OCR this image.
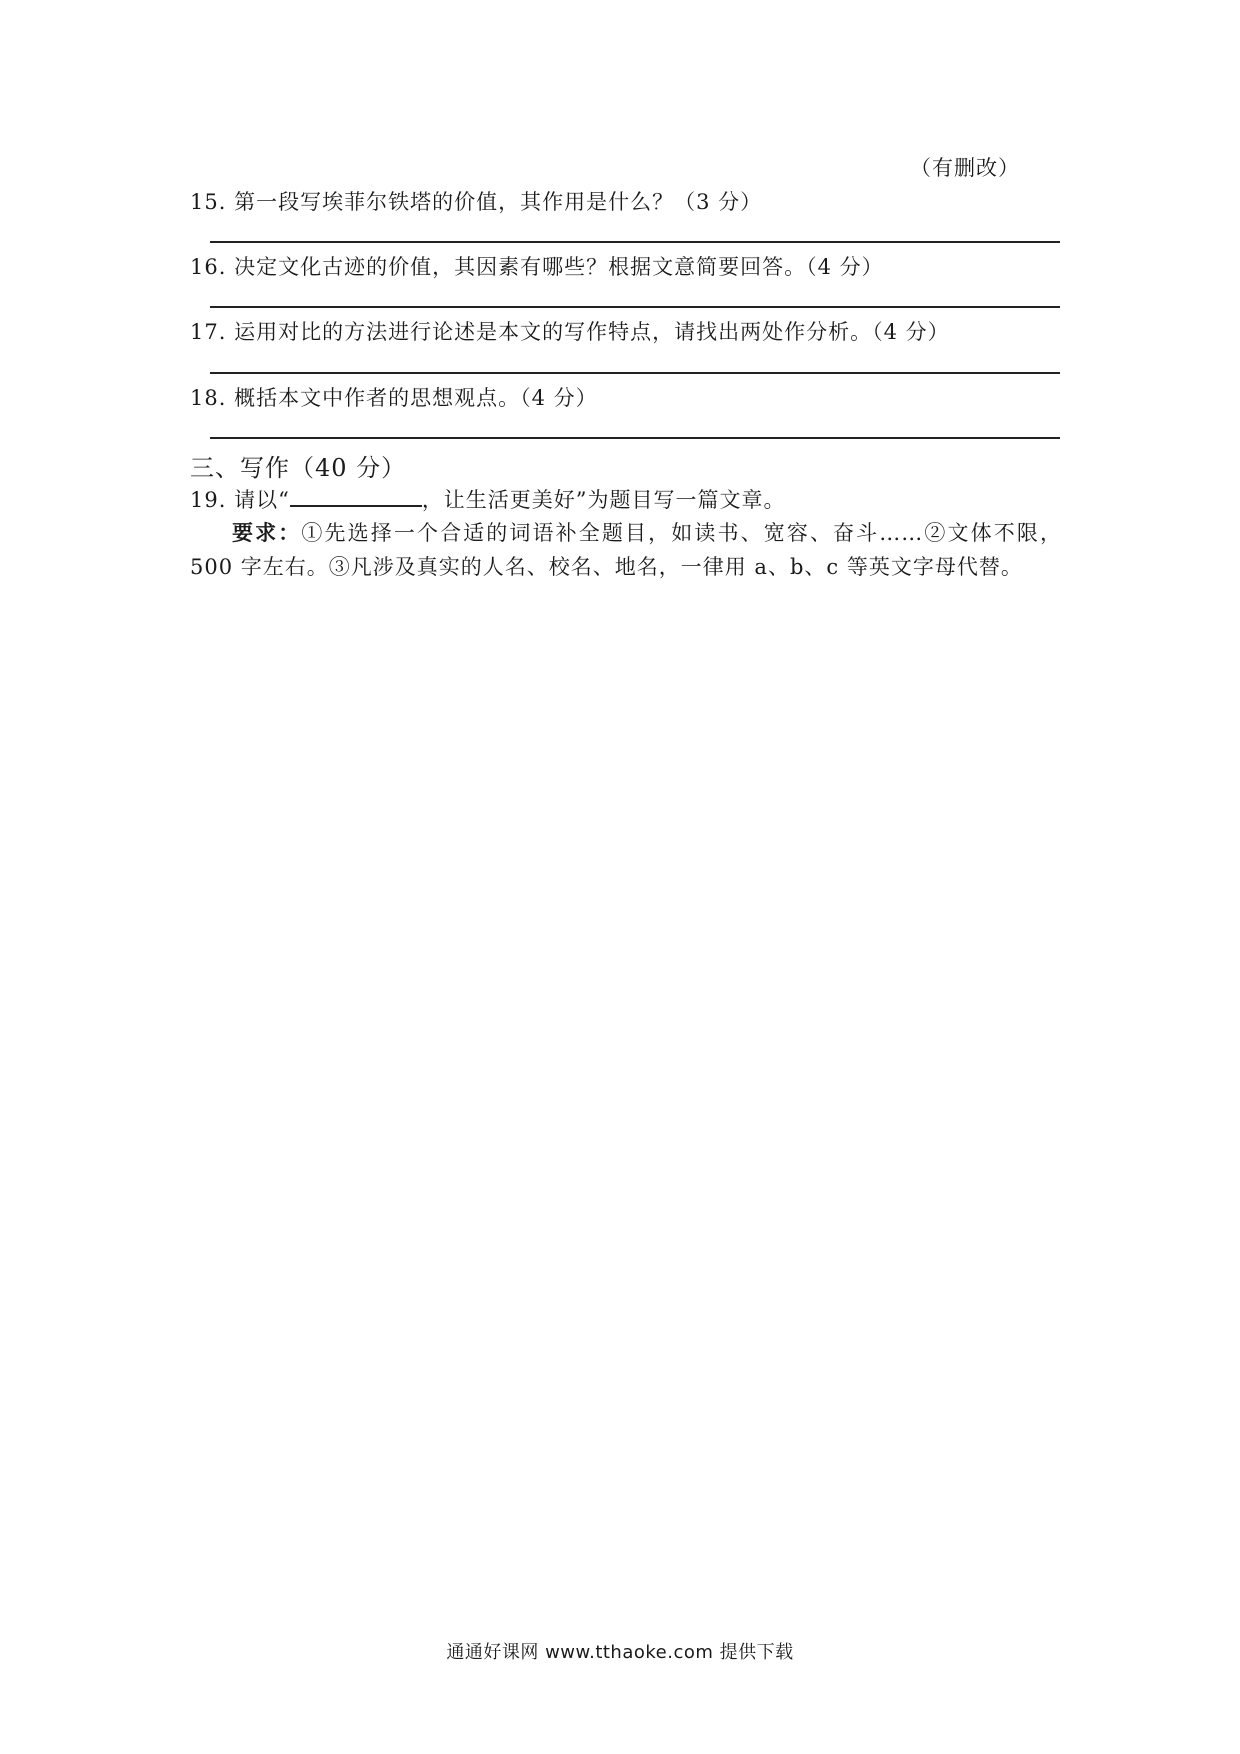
（有删改）
15. 第一段写埃菲尔铁塔的价值，其作用是什么？（3 分）
16. 决定文化古迹的价值，其因素有哪些？根据文意简要回答。（4 分）
17. 运用对比的方法进行论述是本文的写作特点，请找出两处作分析。（4 分）
18. 概括本文中作者的思想观点。（4 分）
三、写作（40 分）
19. 请以“	，让生活更美好”为题目写一篇文章。
要求：①先选择一个合适的词语补全题目，如读书、宽容、奋斗……②文体不限，500 字左右。③凡涉及真实的人名、校名、地名，一律用 a、b、c 等英文字母代替。
通通好课网 www.tthaoke.com 提供下载
